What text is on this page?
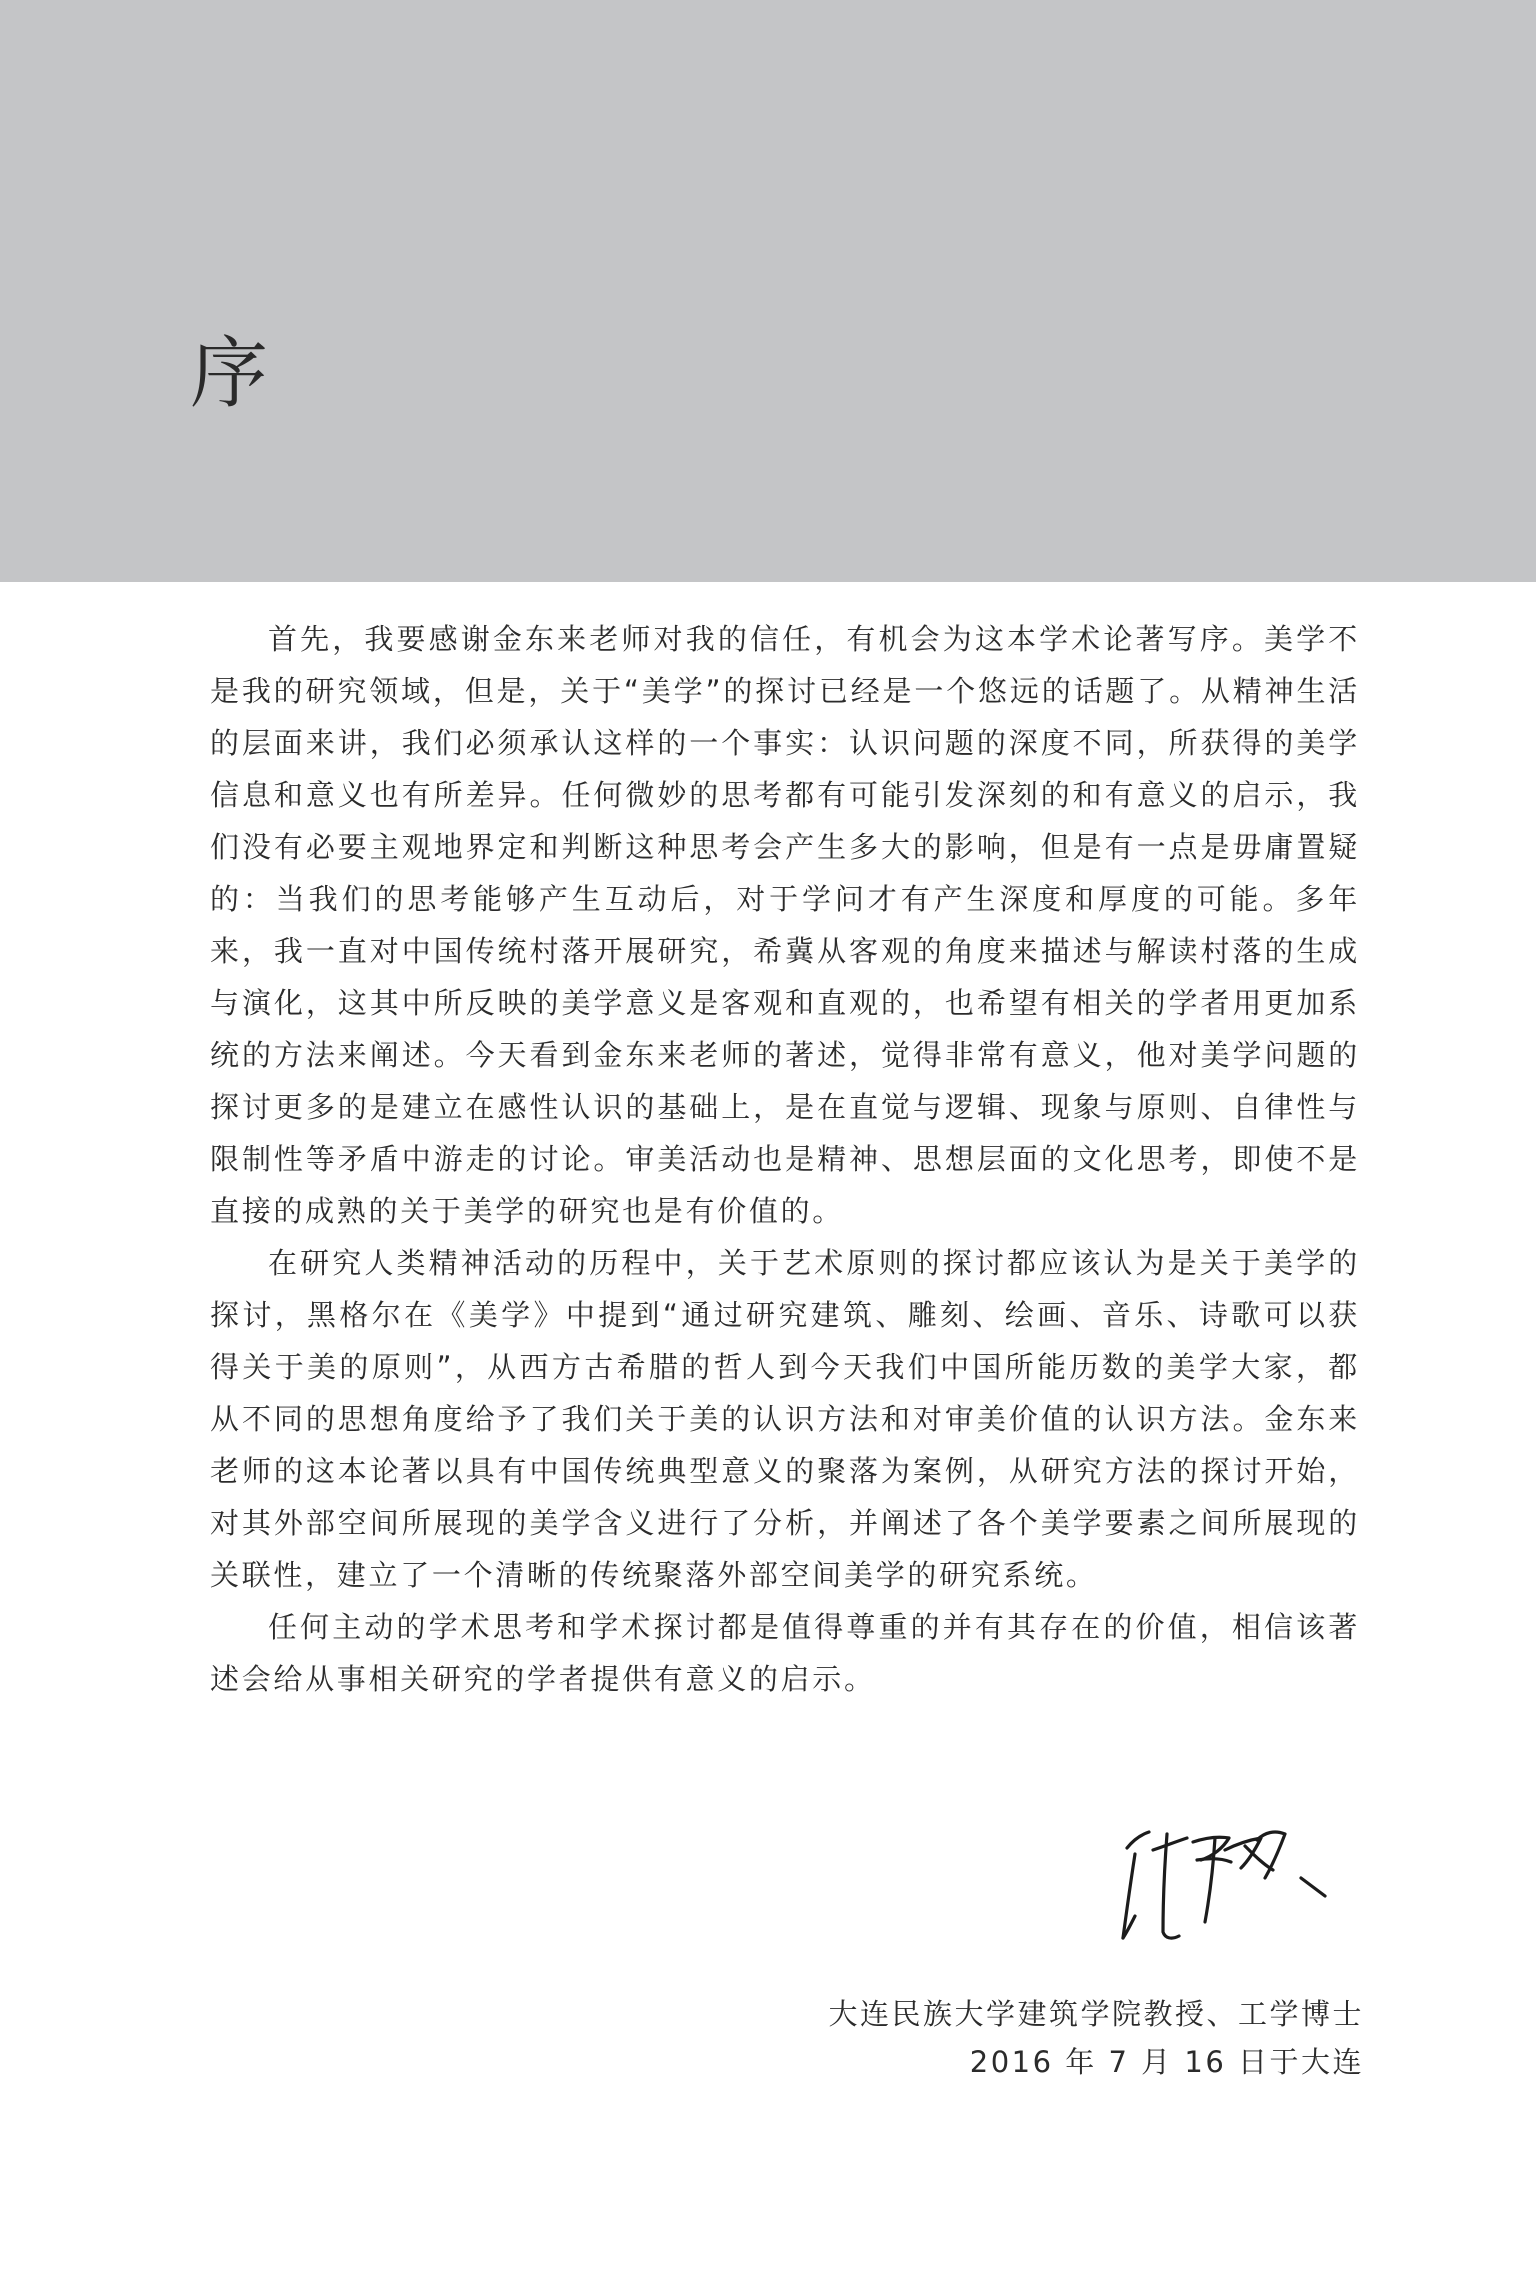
序

首先，我要感谢金东来老师对我的信任，有机会为这本学术论著写序。美学不是我的研究领域，但是，关于“美学”的探讨已经是一个悠远的话题了。从精神生活的层面来讲，我们必须承认这样的一个事实：认识问题的深度不同，所获得的美学信息和意义也有所差异。任何微妙的思考都有可能引发深刻的和有意义的启示，我们没有必要主观地界定和判断这种思考会产生多大的影响，但是有一点是毋庸置疑的：当我们的思考能够产生互动后，对于学问才有产生深度和厚度的可能。多年来，我一直对中国传统村落开展研究，希冀从客观的角度来描述与解读村落的生成与演化，这其中所反映的美学意义是客观和直观的，也希望有相关的学者用更加系统的方法来阐述。今天看到金东来老师的著述，觉得非常有意义，他对美学问题的探讨更多的是建立在感性认识的基础上，是在直觉与逻辑、现象与原则、自律性与限制性等矛盾中游走的讨论。审美活动也是精神、思想层面的文化思考，即使不是直接的成熟的关于美学的研究也是有价值的。

在研究人类精神活动的历程中，关于艺术原则的探讨都应该认为是关于美学的探讨，黑格尔在《美学》中提到“通过研究建筑、雕刻、绘画、音乐、诗歌可以获得关于美的原则”，从西方古希腊的哲人到今天我们中国所能历数的美学大家，都从不同的思想角度给予了我们关于美的认识方法和对审美价值的认识方法。金东来老师的这本论著以具有中国传统典型意义的聚落为案例，从研究方法的探讨开始，对其外部空间所展现的美学含义进行了分析，并阐述了各个美学要素之间所展现的关联性，建立了一个清晰的传统聚落外部空间美学的研究系统。

任何主动的学术思考和学术探讨都是值得尊重的并有其存在的价值，相信该著述会给从事相关研究的学者提供有意义的启示。

大连民族大学建筑学院教授、工学博士
2016 年 7 月 16 日于大连
